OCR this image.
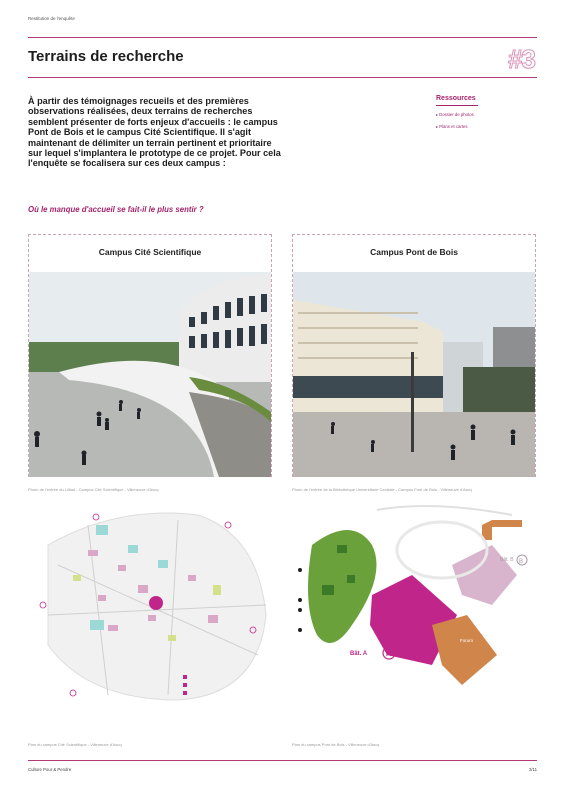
Restitution de l'enquête
Terrains de recherche	#3

À partir des témoignages recueils et des premières observations réalisées, deux terrains de recherches semblent présenter de forts enjeux d'accueils : le campus Pont de Bois et le campus Cité Scientifique. Il s'agit maintenant de délimiter un terrain pertinent et prioritaire sur lequel s'implantera le prototype de ce projet. Pour cela l'enquête se focalisera sur ces deux campus :

Ressources
▸ Dossier de photos
▸ Plans et cartes
Où le manque d'accueil se fait-il le plus sentir ?
Campus Cité Scientifique
Photo de l'entrée du Lilliad - Campus Cité Scientifique - Villeneuve d'Ascq
Campus Pont de Bois
Photo de l'entrée de la Bibliothèque Universitaire Centrale - Campus Pont de Bois - Villeneuve d'Ascq
Plan du campus Cité Scientifique - Villeneuve d'Ascq
A
B
Bât. A
Bât. B
Forum
Plan du campus Pont de Bois - Villeneuve d'Ascq
Culture Pour & Pendre	3/11
